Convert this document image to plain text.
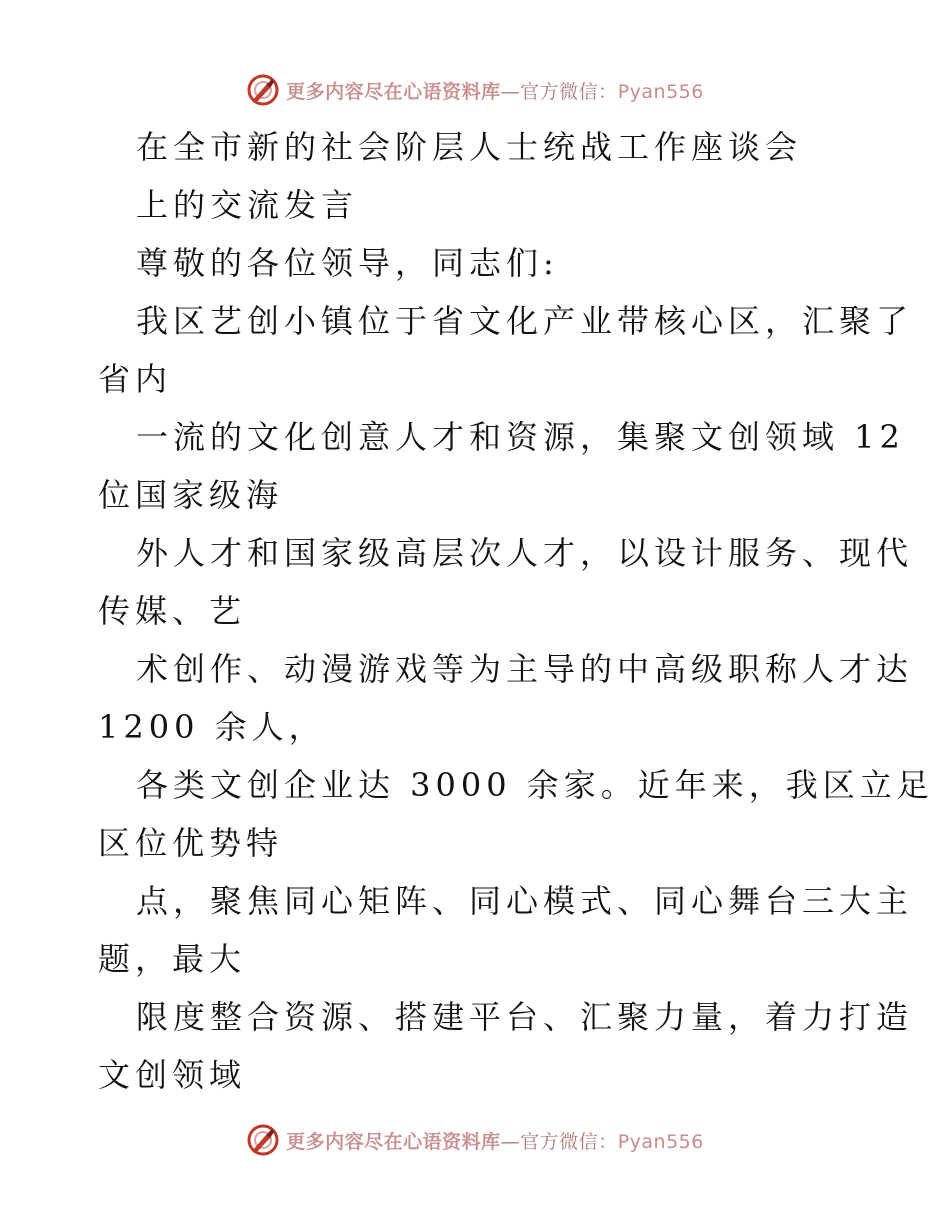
更多内容尽在心语资料库—官方微信：Pyan556
在全市新的社会阶层人士统战工作座谈会
上的交流发言
尊敬的各位领导，同志们:
我区艺创小镇位于省文化产业带核心区，汇聚了
省内
一流的文化创意人才和资源，集聚文创领域 12
位国家级海
外人才和国家级高层次人才，以设计服务、现代
传媒、艺
术创作、动漫游戏等为主导的中高级职称人才达
1200 余人，
各类文创企业达 3000 余家。近年来，我区立足
区位优势特
点，聚焦同心矩阵、同心模式、同心舞台三大主
题，最大
限度整合资源、搭建平台、汇聚力量，着力打造
文创领域
更多内容尽在心语资料库—官方微信：Pyan556
